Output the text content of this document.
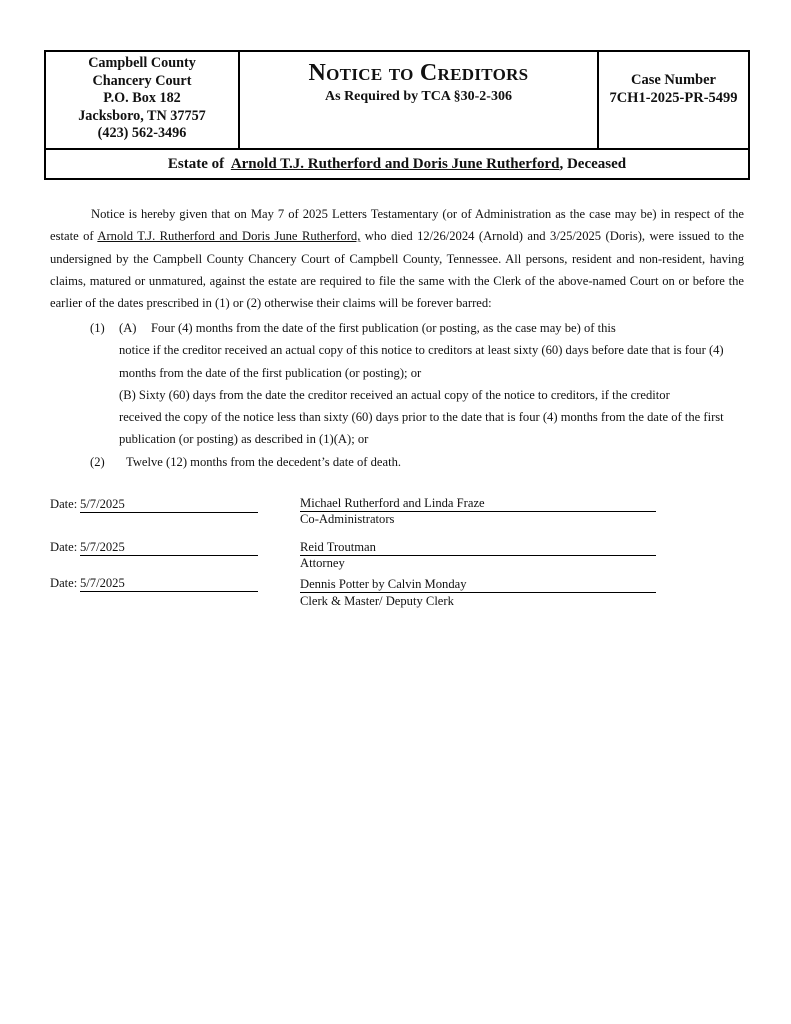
Campbell County
Chancery Court
P.O. Box 182
Jacksboro, TN 37757
(423) 562-3496
Notice to Creditors
As Required by TCA §30-2-306
Case Number
7CH1-2025-PR-5499
Estate of Arnold T.J. Rutherford and Doris June Rutherford, Deceased

Notice is hereby given that on May 7 of 2025 Letters Testamentary (or of Administration as the case may be) in respect of the estate of Arnold T.J. Rutherford and Doris June Rutherford, who died 12/26/2024 (Arnold) and 3/25/2025 (Doris), were issued to the undersigned by the Campbell County Chancery Court of Campbell County, Tennessee. All persons, resident and non-resident, having claims, matured or unmatured, against the estate are required to file the same with the Clerk of the above-named Court on or before the earlier of the dates prescribed in (1) or (2) otherwise their claims will be forever barred:

(1) (A)	Four (4) months from the date of the first publication (or posting, as the case may be) of this
notice if the creditor received an actual copy of this notice to creditors at least sixty (60) days before date that is four (4)
months from the date of the first publication (or posting); or
(B) Sixty (60) days from the date the creditor received an actual copy of the notice to creditors, if the creditor
received the copy of the notice less than sixty (60) days prior to the date that is four (4) months from the date of the first
publication (or posting) as described in (1)(A); or
(2) Twelve (12) months from the decedent’s date of death.
Date: 5/7/2025	Michael Rutherford and Linda Fraze
Co-Administrators
Date: 5/7/2025	Reid Troutman
Attorney
Date: 5/7/2025	Dennis Potter by Calvin Monday
Clerk & Master/ Deputy Clerk
